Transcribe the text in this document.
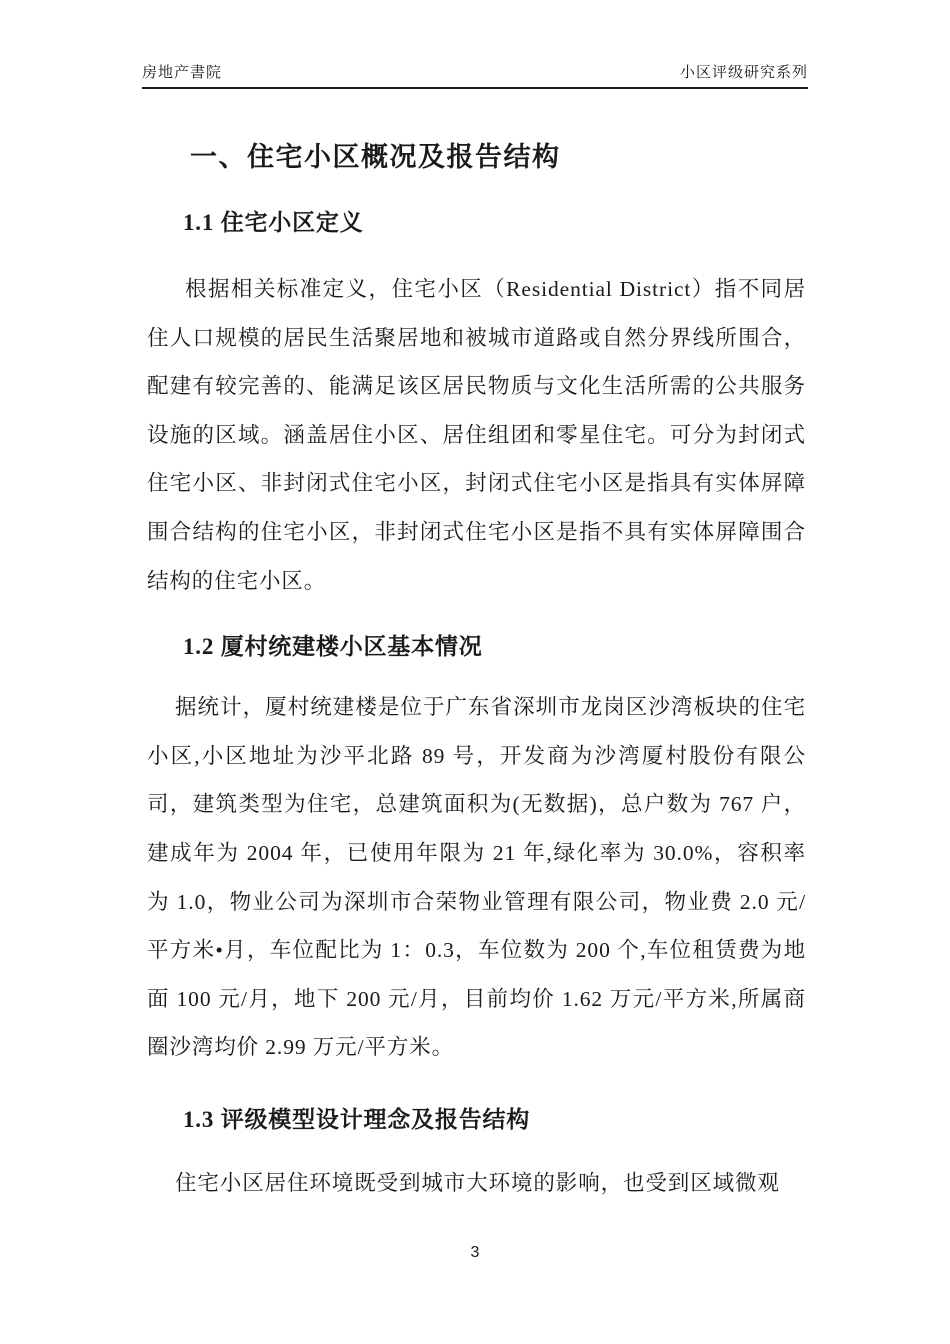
房地产書院	小区评级研究系列
一、住宅小区概况及报告结构
1.1 住宅小区定义

根据相关标准定义，住宅小区（Residential District）指不同居住人口规模的居民生活聚居地和被城市道路或自然分界线所围合，配建有较完善的、能满足该区居民物质与文化生活所需的公共服务设施的区域。涵盖居住小区、居住组团和零星住宅。可分为封闭式住宅小区、非封闭式住宅小区，封闭式住宅小区是指具有实体屏障围合结构的住宅小区，非封闭式住宅小区是指不具有实体屏障围合结构的住宅小区。

1.2 厦村统建楼小区基本情况

据统计，厦村统建楼是位于广东省深圳市龙岗区沙湾板块的住宅小区,小区地址为沙平北路 89 号，开发商为沙湾厦村股份有限公司，建筑类型为住宅，总建筑面积为(无数据)，总户数为 767 户，建成年为 2004 年，已使用年限为 21 年,绿化率为 30.0%，容积率为 1.0，物业公司为深圳市合荣物业管理有限公司，物业费 2.0 元/平方米•月，车位配比为 1：0.3，车位数为 200 个,车位租赁费为地面 100 元/月，地下 200 元/月，目前均价 1.62 万元/平方米,所属商圈沙湾均价 2.99 万元/平方米。

1.3 评级模型设计理念及报告结构

住宅小区居住环境既受到城市大环境的影响，也受到区域微观

3
